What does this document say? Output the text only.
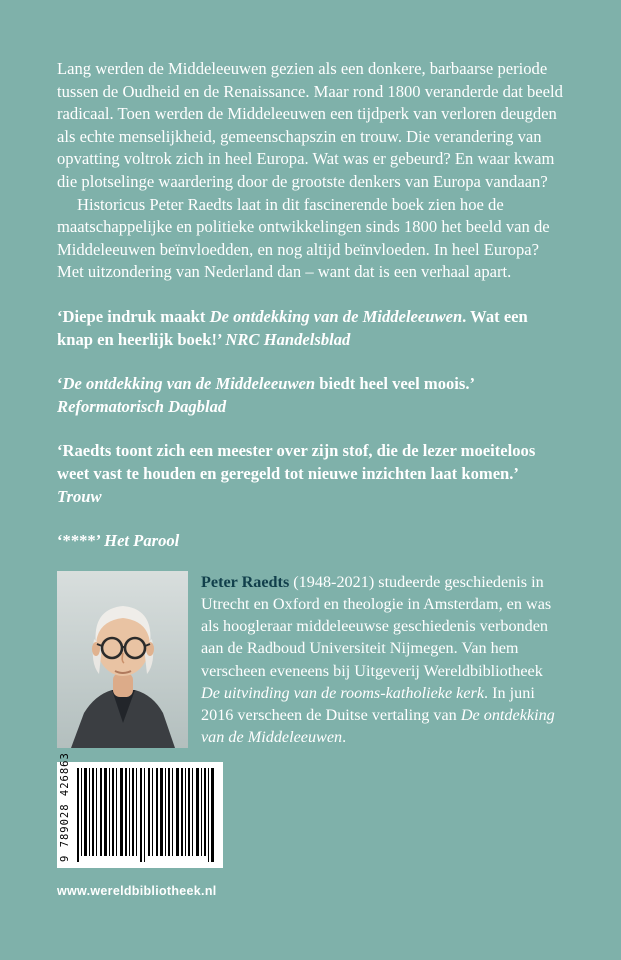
Lang werden de Middeleeuwen gezien als een donkere, barbaarse periode tussen de Oudheid en de Renaissance. Maar rond 1800 veranderde dat beeld radicaal. Toen werden de Middeleeuwen een tijdperk van verloren deugden als echte menselijkheid, gemeenschapszin en trouw. Die verandering van opvatting voltrok zich in heel Europa. Wat was er gebeurd? En waar kwam die plotselinge waardering door de grootste denkers van Europa vandaan?

Historicus Peter Raedts laat in dit fascinerende boek zien hoe de maatschappelijke en politieke ontwikkelingen sinds 1800 het beeld van de Middeleeuwen beïnvloedden, en nog altijd beïnvloeden. In heel Europa? Met uitzondering van Nederland dan – want dat is een verhaal apart.

‘Diepe indruk maakt De ontdekking van de Middeleeuwen. Wat een knap en heerlijk boek!’ NRC Handelsblad

‘De ontdekking van de Middeleeuwen biedt heel veel moois.’ Reformatorisch Dagblad

‘Raedts toont zich een meester over zijn stof, die de lezer moeiteloos weet vast te houden en geregeld tot nieuwe inzichten laat komen.’ Trouw

‘****’ Het Parool

Peter Raedts (1948-2021) studeerde geschiedenis in Utrecht en Oxford en theologie in Amsterdam, en was als hoogleraar middeleeuwse geschiedenis verbonden aan de Radboud Universiteit Nijmegen. Van hem verscheen eveneens bij Uitgeverij Wereldbibliotheek De uitvinding van de rooms-katholieke kerk. In juni 2016 verscheen de Duitse vertaling van De ontdekking van de Middeleeuwen.

9 789028 426863
www.wereldbibliotheek.nl
